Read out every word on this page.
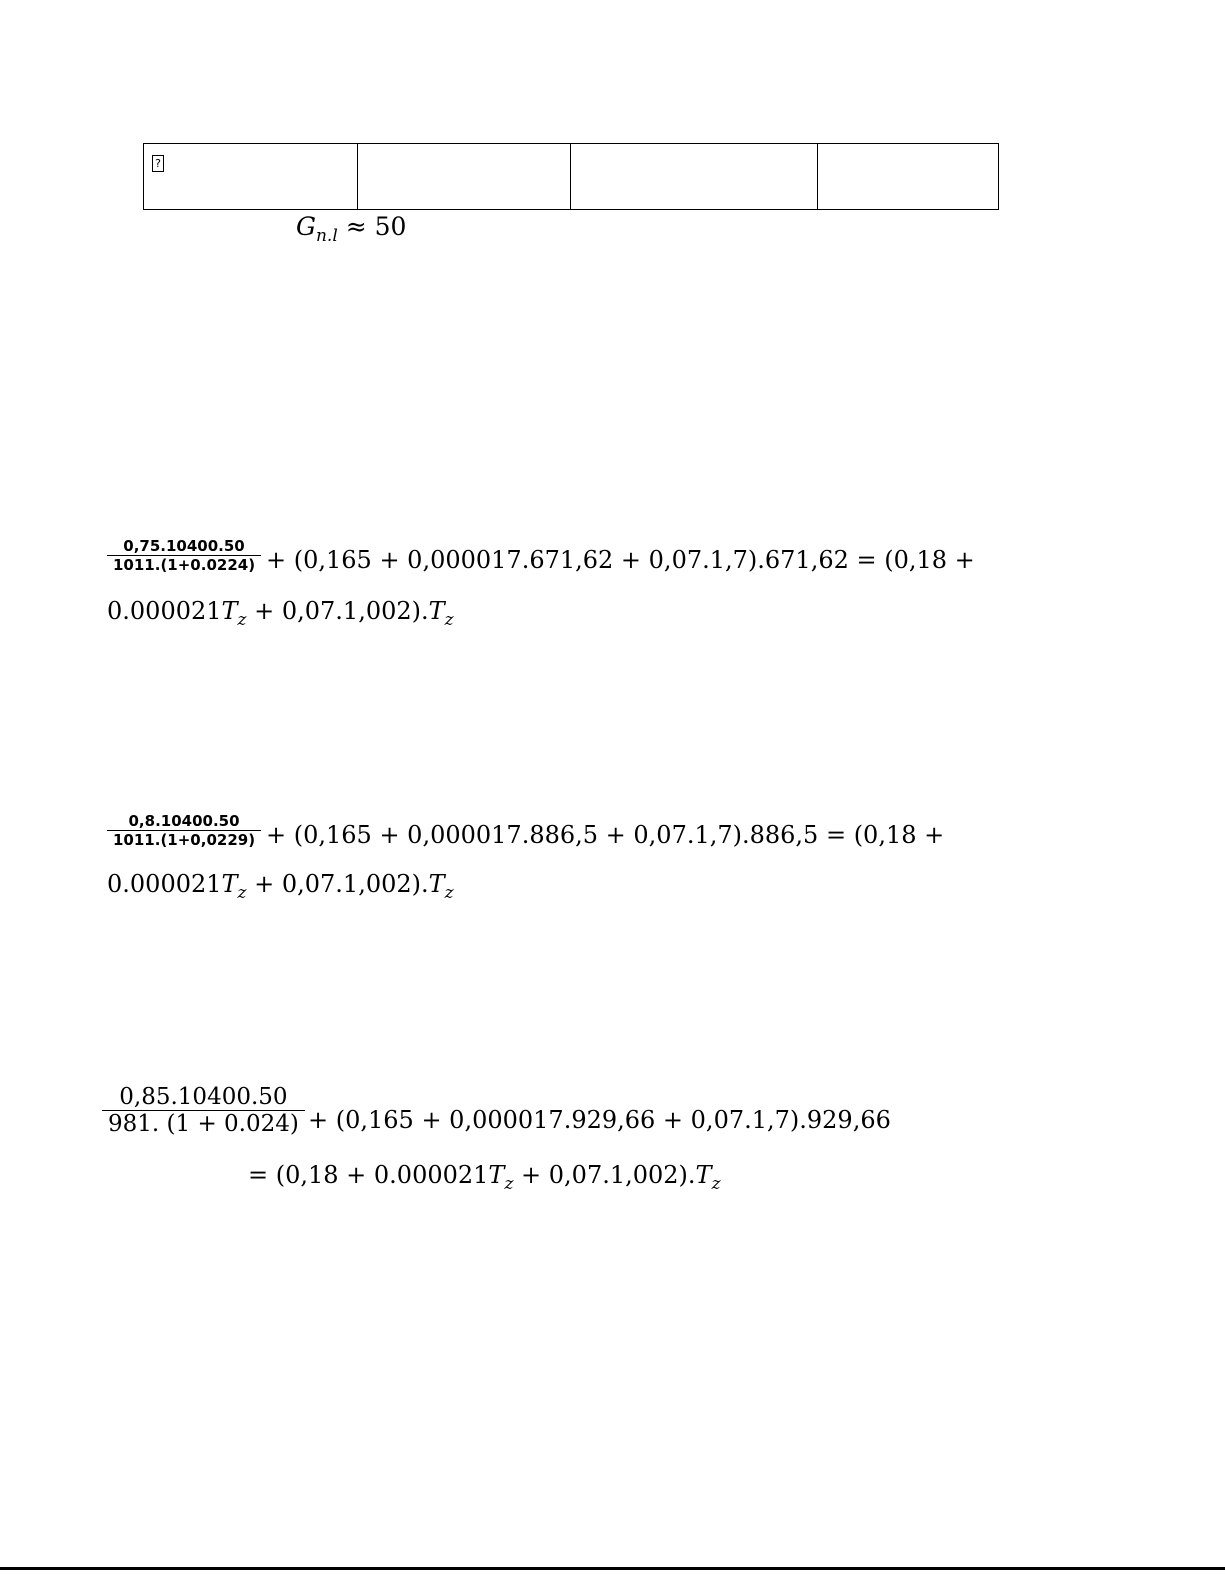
?			
$G_{n.l} \approx 50$
0,75.10400.50
1011.(1+0.0224) + (0,165 + 0,000017.671,62 + 0,07.1,7).671,62 = (0,18 +
$0.000021T_z + 0,07.1,002).T_z$
0,8.10400.50
1011.(1+0,0229) + (0,165 + 0,000017.886,5 + 0,07.1,7).886,5 = (0,18 +
$0.000021T_z + 0,07.1,002).T_z$
0,85.10400.50
981. (1 + 0.024) + (0,165 + 0,000017.929,66 + 0,07.1,7).929,66
= $(0,18 + 0.000021T_z + 0,07.1,002).T_z$
